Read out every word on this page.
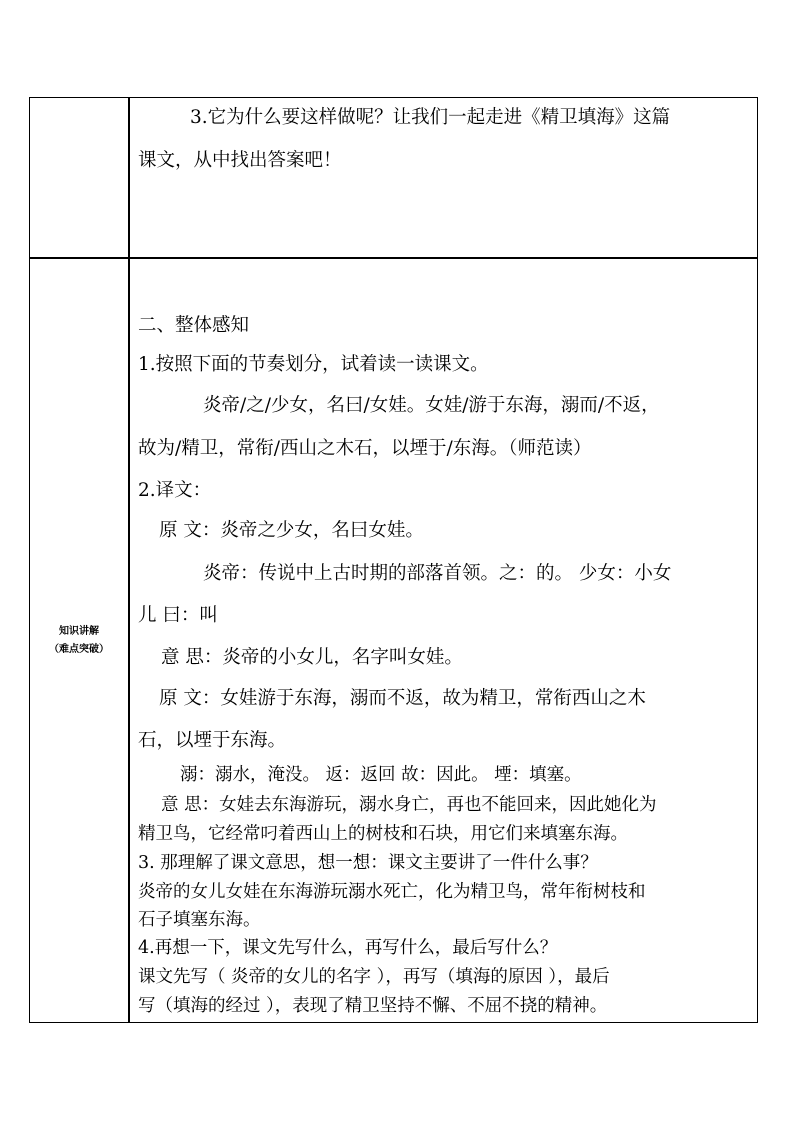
3.它为什么要这样做呢？让我们一起走进《精卫填海》这篇
课文，从中找出答案吧！
知识讲解
（难点突破）
二、整体感知
1.按照下面的节奏划分，试着读一读课文。
炎帝/之/少女，名曰/女娃。女娃/游于东海，溺而/不返，
故为/精卫，常衔/西山之木石，以堙于/东海。（师范读）
2.译文：
原 文：炎帝之少女，名曰女娃。
炎帝：传说中上古时期的部落首领。之：的。 少女：小女
儿 曰：叫
意 思：炎帝的小女儿，名字叫女娃。
原 文：女娃游于东海，溺而不返，故为精卫，常衔西山之木
石，以堙于东海。
溺：溺水，淹没。 返：返回 故：因此。 堙：填塞。
意 思：女娃去东海游玩，溺水身亡，再也不能回来，因此她化为
精卫鸟，它经常叼着西山上的树枝和石块，用它们来填塞东海。
3. 那理解了课文意思，想一想：课文主要讲了一件什么事？
炎帝的女儿女娃在东海游玩溺水死亡，化为精卫鸟，常年衔树枝和
石子填塞东海。
4.再想一下，课文先写什么，再写什么，最后写什么？
课文先写（ 炎帝的女儿的名字 ），再写（填海的原因 ），最后
写（填海的经过 ），表现了精卫坚持不懈、不屈不挠的精神。
